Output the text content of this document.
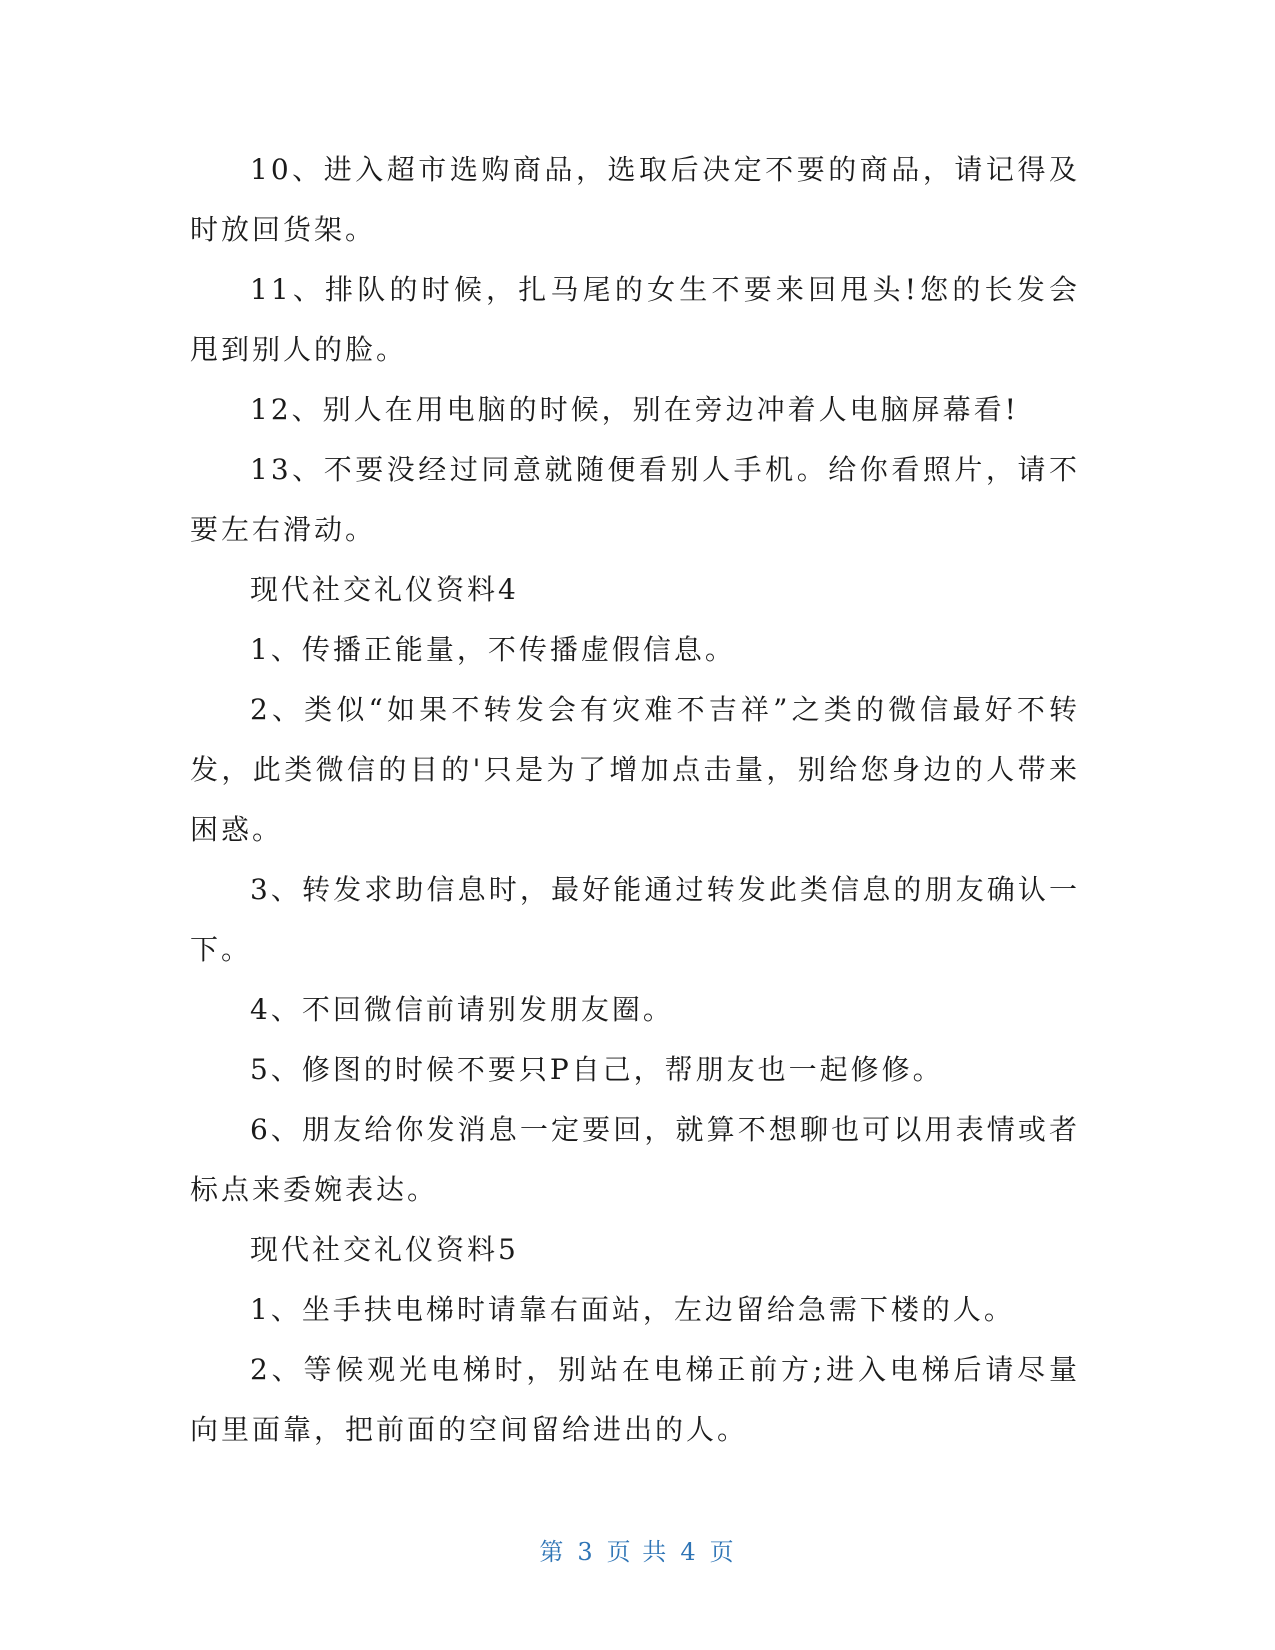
10、进入超市选购商品，选取后决定不要的商品，请记得及时放回货架。

11、排队的时候，扎马尾的女生不要来回甩头!您的长发会甩到别人的脸。

12、别人在用电脑的时候，别在旁边冲着人电脑屏幕看!

13、不要没经过同意就随便看别人手机。给你看照片，请不要左右滑动。

现代社交礼仪资料4

1、传播正能量，不传播虚假信息。

2、类似“如果不转发会有灾难不吉祥”之类的微信最好不转发，此类微信的目的'只是为了增加点击量，别给您身边的人带来困惑。

3、转发求助信息时，最好能通过转发此类信息的朋友确认一下。

4、不回微信前请别发朋友圈。

5、修图的时候不要只P自己，帮朋友也一起修修。

6、朋友给你发消息一定要回，就算不想聊也可以用表情或者标点来委婉表达。

现代社交礼仪资料5

1、坐手扶电梯时请靠右面站，左边留给急需下楼的人。

2、等候观光电梯时，别站在电梯正前方;进入电梯后请尽量向里面靠，把前面的空间留给进出的人。

第 3 页 共 4 页
